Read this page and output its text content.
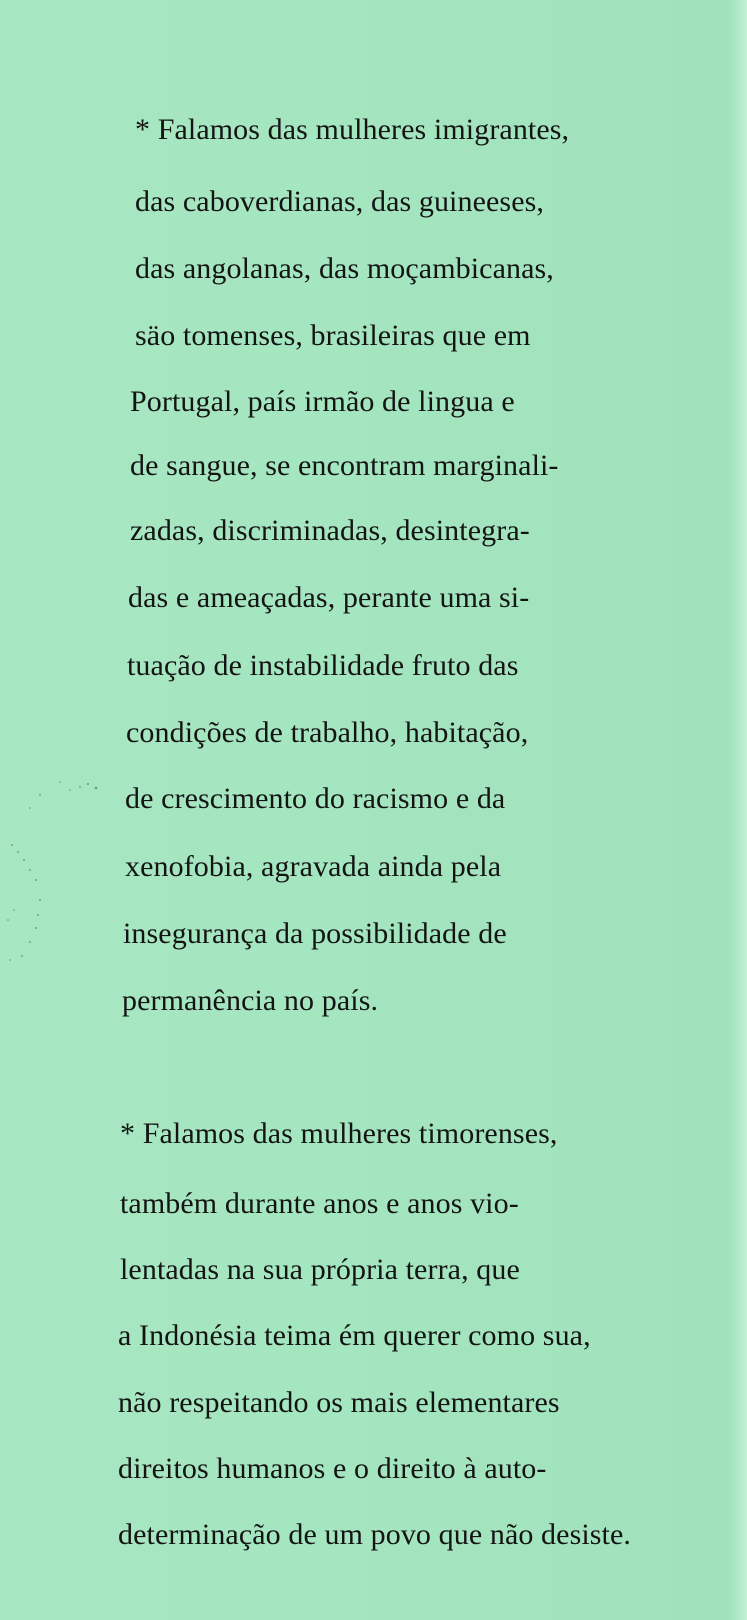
* Falamos das mulheres imigrantes,
das caboverdianas, das guineeses,
das angolanas, das moçambicanas,
säo tomenses, brasileiras que em
Portugal, país irmão de lingua e
de sangue, se encontram marginali-
zadas, discriminadas, desintegra-
das e ameaçadas, perante uma si-
tuação de instabilidade fruto das
condições de trabalho, habitação,
de crescimento do racismo e da
xenofobia, agravada ainda pela
insegurança da possibilidade de
permanência no país.
* Falamos das mulheres timorenses,
também durante anos e anos vio-
lentadas na sua própria terra, que
a Indonésia teima ém querer como sua,
não respeitando os mais elementares
direitos humanos e o direito à auto-
determinação de um povo que não desiste.
